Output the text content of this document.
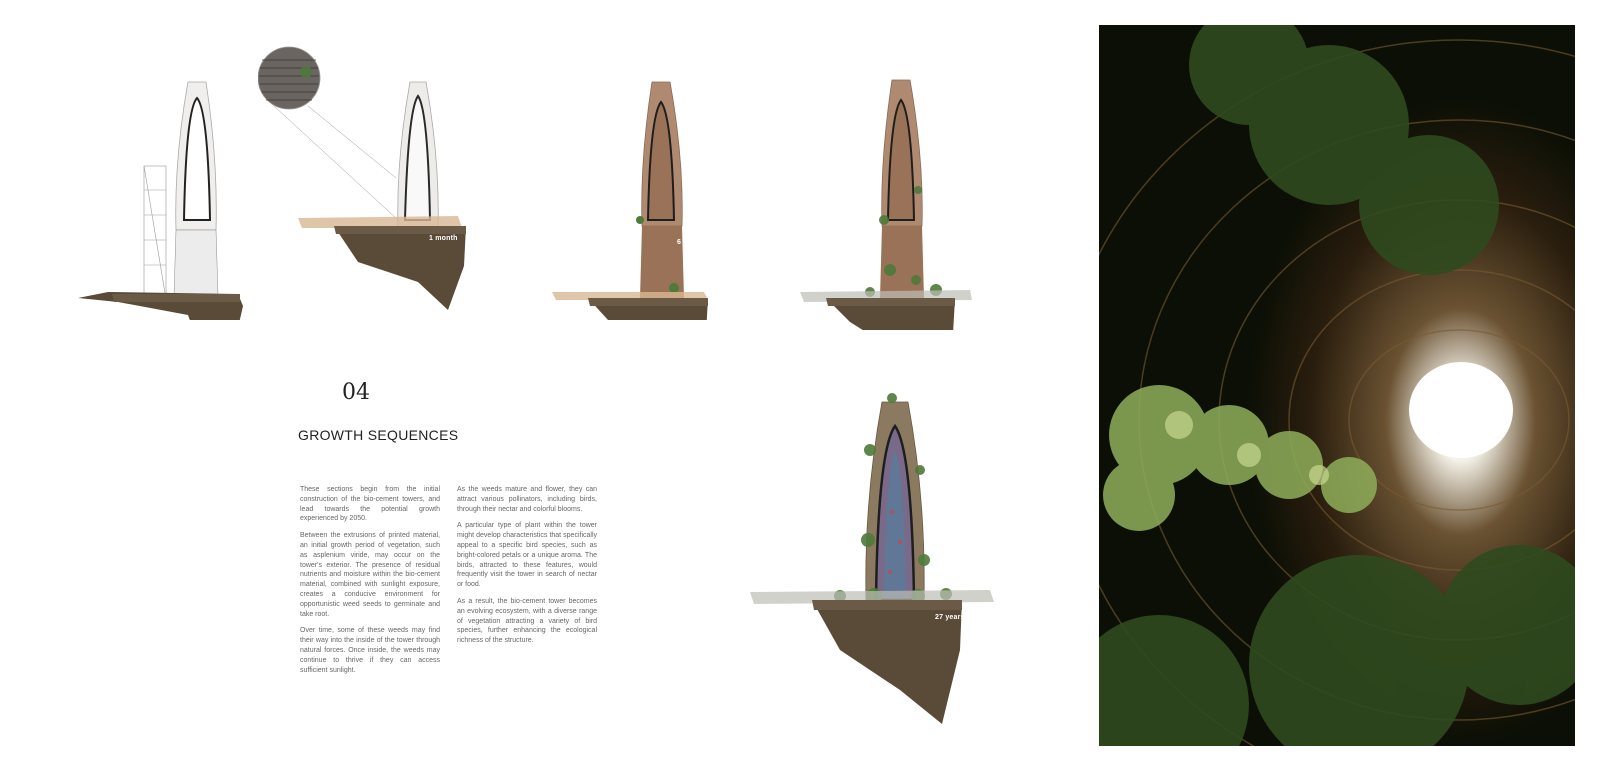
1 day	1 month
6 months	2 years
27 years
04
GROWTH SEQUENCES

These sections begin from the initial construction of the bio-cement towers, and lead towards the potential growth experienced by 2050.

Between the extrusions of printed material, an initial growth period of vegetation, such as asplenium viride, may occur on the tower's exterior. The presence of residual nutrients and moisture within the bio-cement material, combined with sunlight exposure, creates a conducive environment for opportunistic weed seeds to germinate and take root.

Over time, some of these weeds may find their way into the inside of the tower through natural forces. Once inside, the weeds may continue to thrive if they can access sufficient sunlight.

As the weeds mature and flower, they can attract various pollinators, including birds, through their nectar and colorful blooms.

A particular type of plant within the tower might develop characteristics that specifically appeal to a specific bird species, such as bright-colored petals or a unique aroma. The birds, attracted to these features, would frequently visit the tower in search of nectar or food.

As a result, the bio-cement tower becomes an evolving ecosystem, with a diverse range of vegetation attracting a variety of bird species, further enhancing the ecological richness of the structure.
